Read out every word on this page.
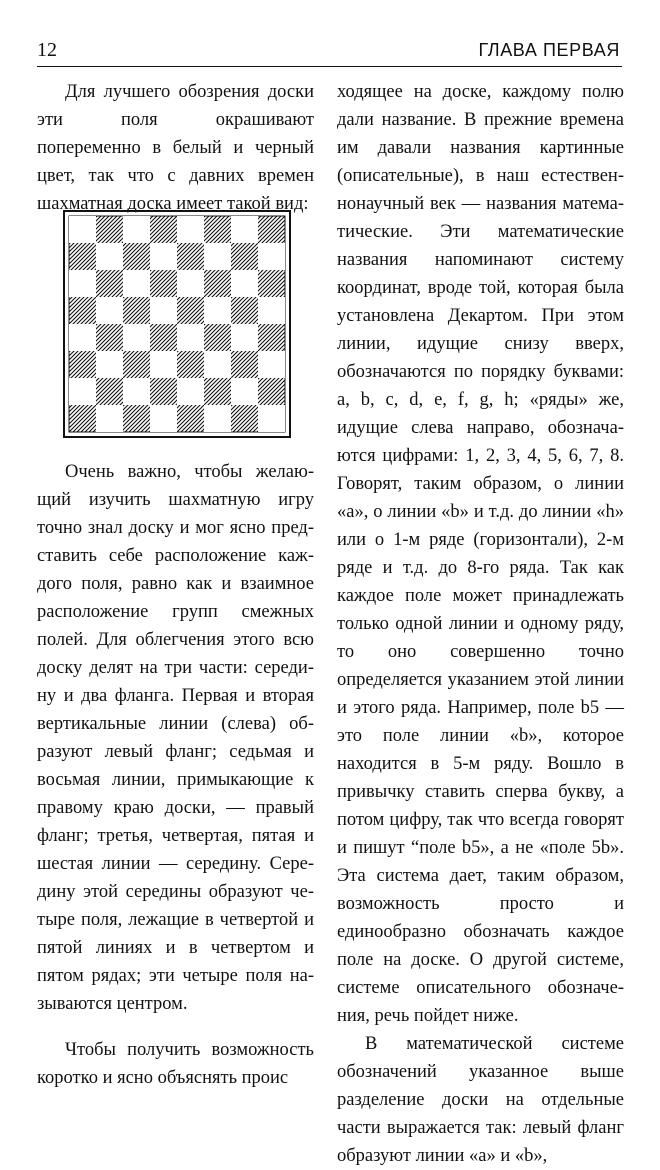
12	ГЛАВА ПЕРВАЯ

Для лучшего обозрения доски эти поля окрашивают попеременно в белый и черный цвет, так что с давних времен шахматная доска имеет такой вид:

Очень важно, чтобы желающий изучить шахматную игру точно знал доску и мог ясно представить себе расположение каждого поля, равно как и взаимное расположение групп смежных полей. Для облегчения этого всю доску делят на три части: середину и два фланга. Первая и вторая вертикальные линии (слева) образуют левый фланг; седьмая и восьмая линии, примыкающие к правому краю доски, — правый фланг; третья, четвертая, пятая и шестая линии — середину. Середину этой середины образуют четыре поля, лежащие в четвертой и пятой линиях и в четвертом и пятом рядах; эти четыре поля называются центром.

Чтобы получить возможность коротко и ясно объяснять проис

ходящее на доске, каждому полю дали название. В прежние времена им давали названия картинные (описательные), в наш естественнонаучный век — названия математические. Эти математические названия напоминают систему координат, вроде той, которая была установлена Декартом. При этом линии, идущие снизу вверх, обозначаются по порядку буквами: a, b, c, d, e, f, g, h; «ряды» же, идущие слева направо, обозначаются цифрами: 1, 2, 3, 4, 5, 6, 7, 8. Говорят, таким образом, о линии «a», о линии «b» и т.д. до линии «h» или о 1-м ряде (горизонтали), 2-м ряде и т.д. до 8-го ряда. Так как каждое поле может принадлежать только одной линии и одному ряду, то оно совершенно точно определяется указанием этой линии и этого ряда. Например, поле b5 — это поле линии «b», которое находится в 5-м ряду. Вошло в привычку ставить сперва букву, а потом цифру, так что всегда говорят и пишут “поле b5», а не «поле 5b». Эта система дает, таким образом, возможность просто и единообразно обозначать каждое поле на доске. О другой системе, системе описательного обозначения, речь пойдет ниже.

В математической системе обозначений указанное выше разделение доски на отдельные части выражается так: левый фланг образуют линии «a» и «b»,
